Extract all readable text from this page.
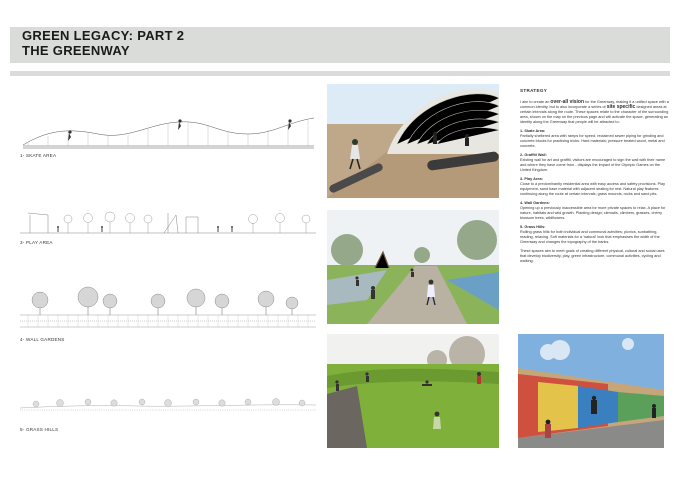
GREEN LEGACY: PART 2
THE GREENWAY
1- SKATE AREA
3- PLAY AREA
4- WALL GARDENS
5- GRASS HILLS
STRATEGY

I aim to create an over-all vision for the Greenway, making it a unified space with a common identity, but to also incorporate a series of site specific designed areas at certain intervals along the route. These spaces relate to the character of the surrounding area, shown on the map on the previous page and will activate the space, generating an identity along the Greenway that people will be attracted to:

1- Skate Area:
Partially sheltered area with ramps for speed, reclaimed sewer piping for grinding and concrete blocks for practising tricks. Hard materials; pressure treated wood, metal and concrete.

2- Graffiti Wall:
Existing wall for art and graffiti, visitors are encouraged to sign the wall with their name and where they have come from - displays the impact of the Olympic Games on the United Kingdom.

3- Play Area:
Close to a predominantly residential area with easy access and safety provisions. Play equipment, sand base material with adjacent seating for rest. Natural play features continuing along the route at certain intervals; grass mounds, rocks and sand pits.

4- Wall Gardens:
Opening up a previously inaccessible area for more private spaces to relax. A place for nature, habitats and wild growth. Planting design; clematis, climbers, grasses, cherry blossom trees, wildflowers.

5- Grass Hills:
Rolling grass hills for both individual and communal activities; picnics, sunbathing, reading, relaxing. Soft materials for a 'natural' look that emphasises the width of the Greenway and changes the topography of the banks.

These spaces aim to meet goals of creating different physical, cultural and social uses that develop biodiversity, play, green infrastructure, communal activities, cycling and walking.
